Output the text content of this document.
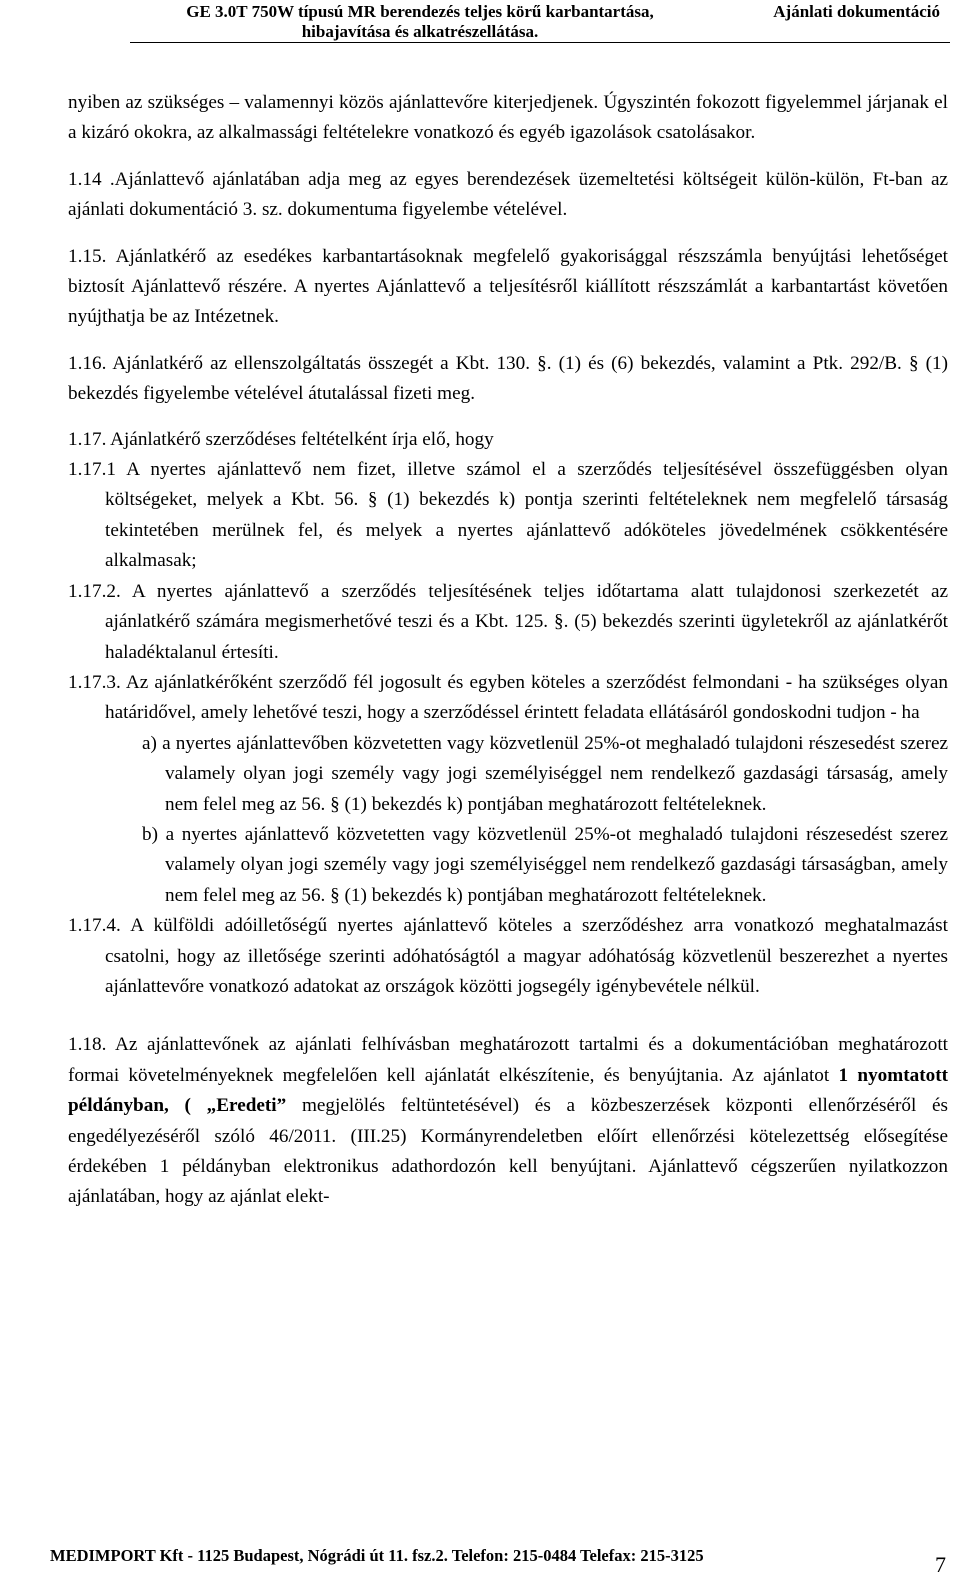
GE 3.0T 750W típusú MR berendezés teljes körű karbantartása,
hibajavítása és alkatrészellátása.
Ajánlati dokumentáció

nyiben az szükséges – valamennyi közös ajánlattevőre kiterjedjenek. Úgyszintén fokozott figyelemmel járjanak el a kizáró okokra, az alkalmassági feltételekre vonatkozó és egyéb igazolások csatolásakor.

1.14 .Ajánlattevő ajánlatában adja meg az egyes berendezések üzemeltetési költségeit külön-külön, Ft-ban az ajánlati dokumentáció 3. sz. dokumentuma figyelembe vételével.

1.15. Ajánlatkérő az esedékes karbantartásoknak megfelelő gyakorisággal részszámla benyújtási lehetőséget biztosít Ajánlattevő részére. A nyertes Ajánlattevő a teljesítésről kiállított részszámlát a karbantartást követően nyújthatja be az Intézetnek.

1.16. Ajánlatkérő az ellenszolgáltatás összegét a Kbt. 130. §. (1) és (6) bekezdés, valamint a Ptk. 292/B. § (1) bekezdés figyelembe vételével átutalással fizeti meg.

1.17. Ajánlatkérő szerződéses feltételként írja elő, hogy

1.17.1 A nyertes ajánlattevő nem fizet, illetve számol el a szerződés teljesítésével összefüggésben olyan költségeket, melyek a Kbt. 56. § (1) bekezdés k) pontja szerinti feltételeknek nem megfelelő társaság tekintetében merülnek fel, és melyek a nyertes ajánlattevő adóköteles jövedelmének csökkentésére alkalmasak;

1.17.2. A nyertes ajánlattevő a szerződés teljesítésének teljes időtartama alatt tulajdonosi szerkezetét az ajánlatkérő számára megismerhetővé teszi és a Kbt. 125. §. (5) bekezdés szerinti ügyletekről az ajánlatkérőt haladéktalanul értesíti.

1.17.3. Az ajánlatkérőként szerződő fél jogosult és egyben köteles a szerződést felmondani - ha szükséges olyan határidővel, amely lehetővé teszi, hogy a szerződéssel érintett feladata ellátásáról gondoskodni tudjon - ha

a) a nyertes ajánlattevőben közvetetten vagy közvetlenül 25%-ot meghaladó tulajdoni részesedést szerez valamely olyan jogi személy vagy jogi személyiséggel nem rendelkező gazdasági társaság, amely nem felel meg az 56. § (1) bekezdés k) pontjában meghatározott feltételeknek.

b) a nyertes ajánlattevő közvetetten vagy közvetlenül 25%-ot meghaladó tulajdoni részesedést szerez valamely olyan jogi személy vagy jogi személyiséggel nem rendelkező gazdasági társaságban, amely nem felel meg az 56. § (1) bekezdés k) pontjában meghatározott feltételeknek.

1.17.4. A külföldi adóilletőségű nyertes ajánlattevő köteles a szerződéshez arra vonatkozó meghatalmazást csatolni, hogy az illetősége szerinti adóhatóságtól a magyar adóhatóság közvetlenül beszerezhet a nyertes ajánlattevőre vonatkozó adatokat az országok közötti jogsegély igénybevétele nélkül.

1.18. Az ajánlattevőnek az ajánlati felhívásban meghatározott tartalmi és a dokumentációban meghatározott formai követelményeknek megfelelően kell ajánlatát elkészítenie, és benyújtania. Az ajánlatot 1 nyomtatott példányban, ( „Eredeti” megjelölés feltüntetésével) és a közbeszerzések központi ellenőrzéséről és engedélyezéséről szóló 46/2011. (III.25) Kormányrendeletben előírt ellenőrzési kötelezettség elősegítése érdekében 1 példányban elektronikus adathordozón kell benyújtani. Ajánlattevő cégszerűen nyilatkozzon ajánlatában, hogy az ajánlat elekt-

MEDIMPORT Kft - 1125 Budapest, Nógrádi út 11. fsz.2. Telefon: 215-0484 Telefax: 215-3125	7
